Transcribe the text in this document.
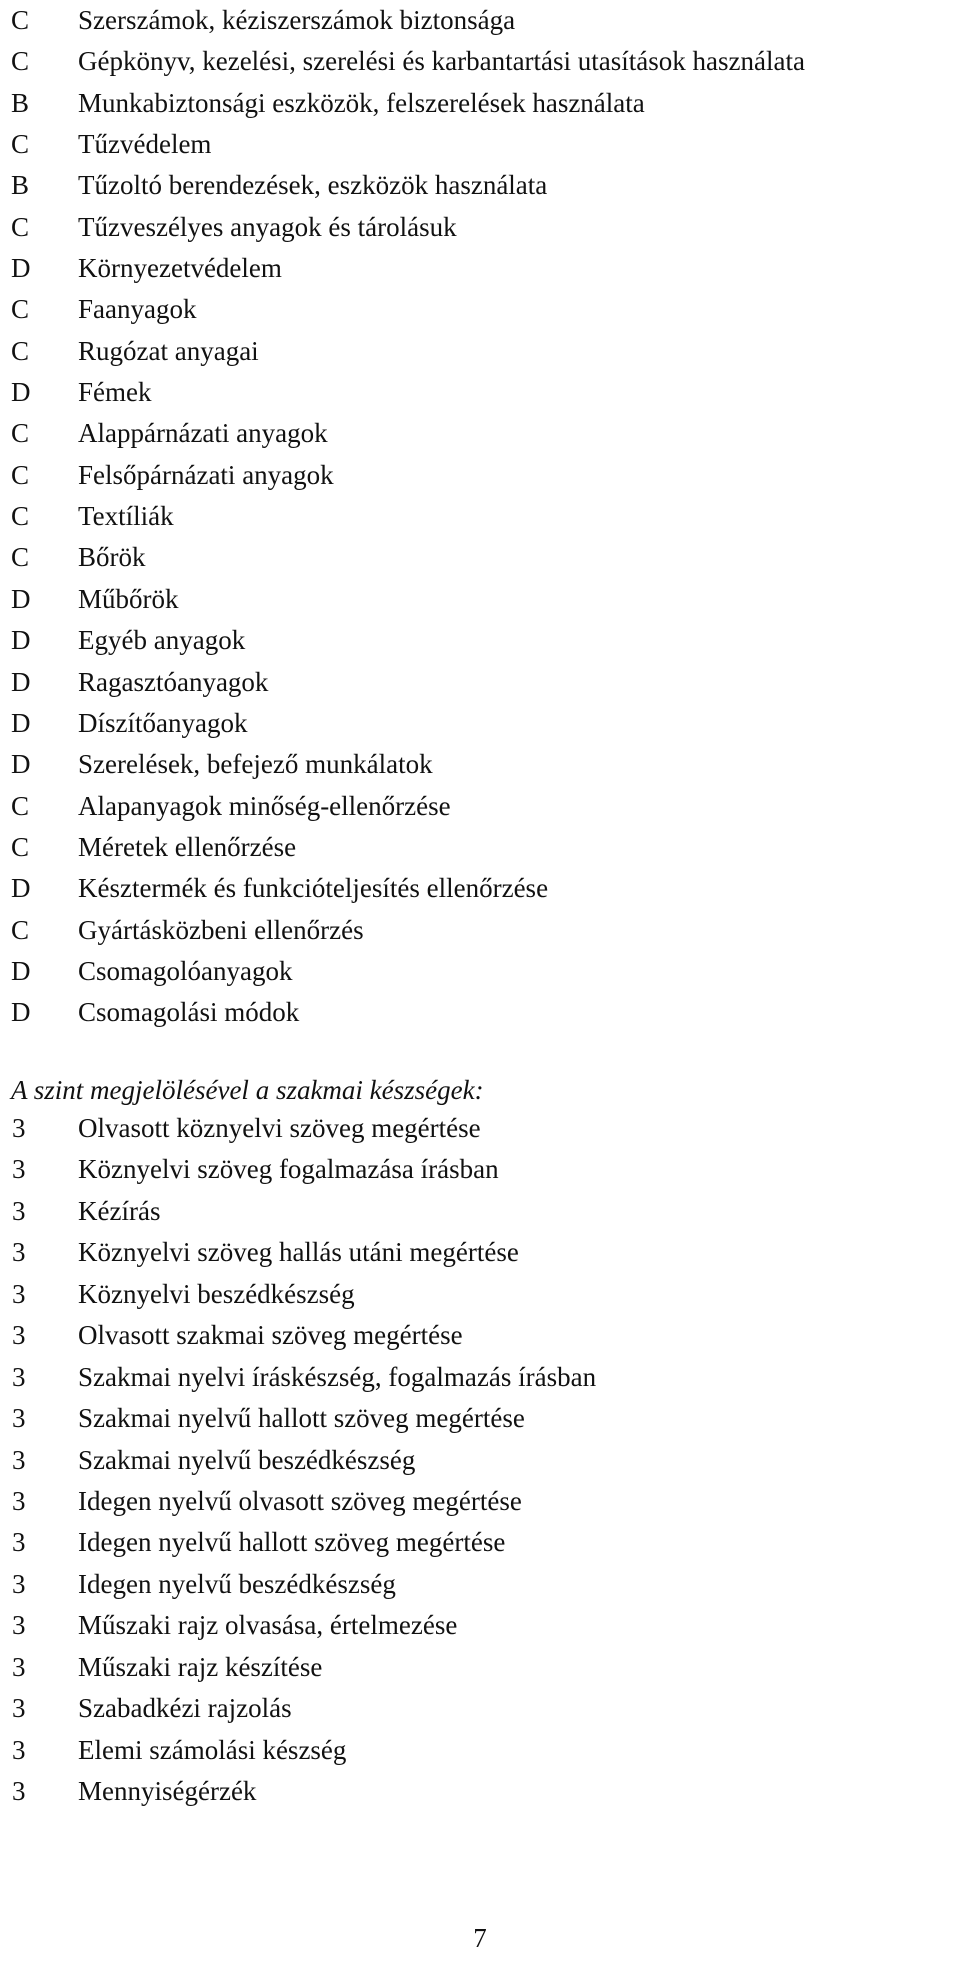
C Szerszámok, kéziszerszámok biztonsága
C Gépkönyv, kezelési, szerelési és karbantartási utasítások használata
B Munkabiztonsági eszközök, felszerelések használata
C Tűzvédelem
B Tűzoltó berendezések, eszközök használata
C Tűzveszélyes anyagok és tárolásuk
D Környezetvédelem
C Faanyagok
C Rugózat anyagai
D Fémek
C Alappárnázati anyagok
C Felsőpárnázati anyagok
C Textíliák
C Bőrök
D Műbőrök
D Egyéb anyagok
D Ragasztóanyagok
D Díszítőanyagok
D Szerelések, befejező munkálatok
C Alapanyagok minőség-ellenőrzése
C Méretek ellenőrzése
D Késztermék és funkcióteljesítés ellenőrzése
C Gyártásközbeni ellenőrzés
D Csomagolóanyagok
D Csomagolási módok
A szint megjelölésével a szakmai készségek:
3 Olvasott köznyelvi szöveg megértése
3 Köznyelvi szöveg fogalmazása írásban
3 Kézírás
3 Köznyelvi szöveg hallás utáni megértése
3 Köznyelvi beszédkészség
3 Olvasott szakmai szöveg megértése
3 Szakmai nyelvi íráskészség, fogalmazás írásban
3 Szakmai nyelvű hallott szöveg megértése
3 Szakmai nyelvű beszédkészség
3 Idegen nyelvű olvasott szöveg megértése
3 Idegen nyelvű hallott szöveg megértése
3 Idegen nyelvű beszédkészség
3 Műszaki rajz olvasása, értelmezése
3 Műszaki rajz készítése
3 Szabadkézi rajzolás
3 Elemi számolási készség
3 Mennyiségérzék
7
